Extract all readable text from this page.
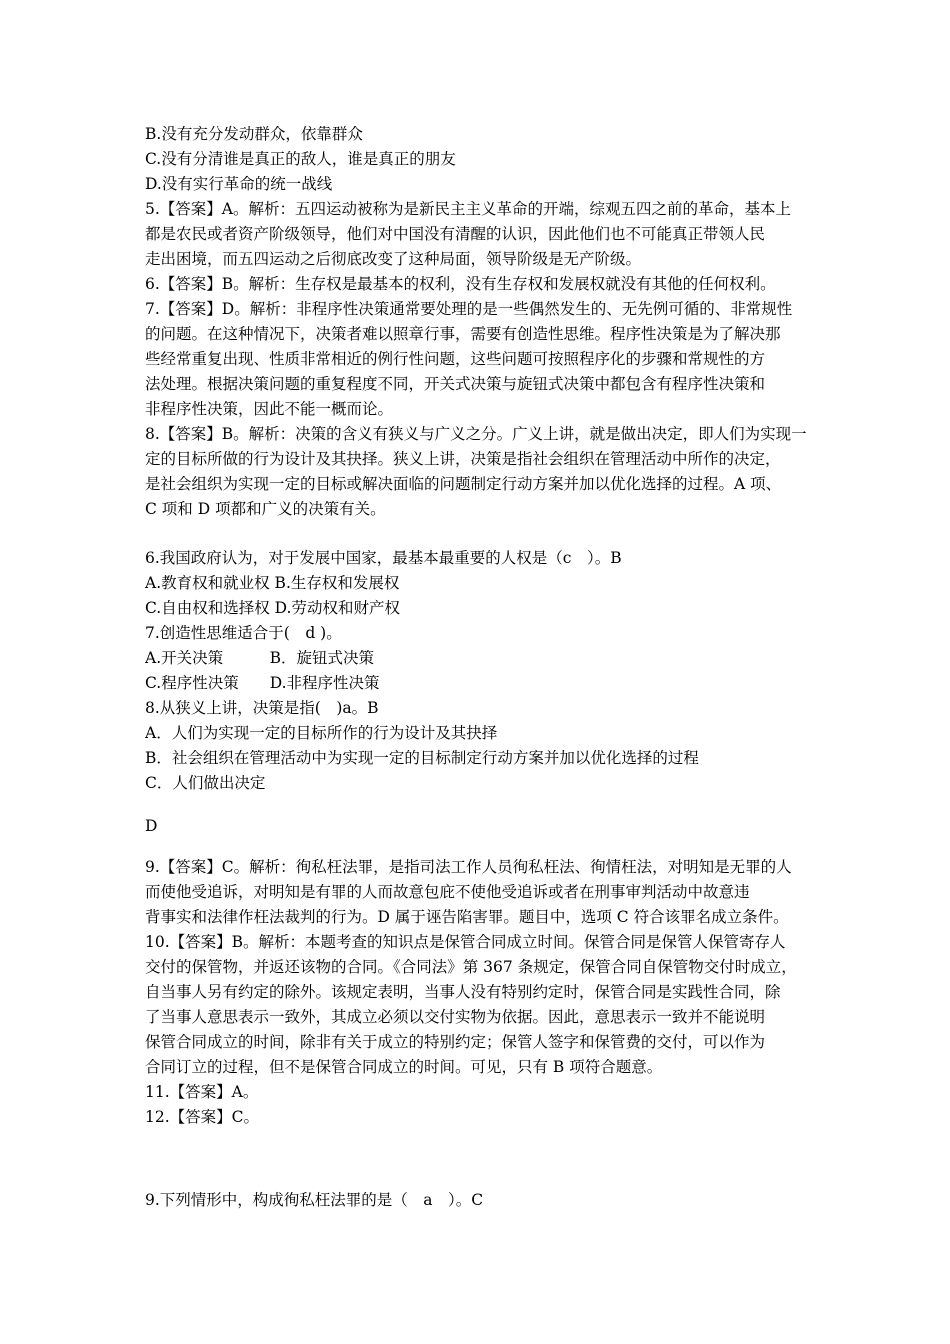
B.没有充分发动群众，依靠群众
C.没有分清谁是真正的敌人，谁是真正的朋友
D.没有实行革命的统一战线
5.【答案】A。解析：五四运动被称为是新民主主义革命的开端，综观五四之前的革命，基本上
都是农民或者资产阶级领导，他们对中国没有清醒的认识，因此他们也不可能真正带领人民
走出困境，而五四运动之后彻底改变了这种局面，领导阶级是无产阶级。
6.【答案】B。解析：生存权是最基本的权利，没有生存权和发展权就没有其他的任何权利。
7.【答案】D。解析：非程序性决策通常要处理的是一些偶然发生的、无先例可循的、非常规性
的问题。在这种情况下，决策者难以照章行事，需要有创造性思维。程序性决策是为了解决那
些经常重复出现、性质非常相近的例行性问题，这些问题可按照程序化的步骤和常规性的方
法处理。根据决策问题的重复程度不同，开关式决策与旋钮式决策中都包含有程序性决策和
非程序性决策，因此不能一概而论。
8.【答案】B。解析：决策的含义有狭义与广义之分。广义上讲，就是做出决定，即人们为实现一
定的目标所做的行为设计及其抉择。狭义上讲，决策是指社会组织在管理活动中所作的决定，
是社会组织为实现一定的目标或解决面临的问题制定行动方案并加以优化选择的过程。A 项、
C 项和 D 项都和广义的决策有关。
6.我国政府认为，对于发展中国家，最基本最重要的人权是（c　）。B
A.教育权和就业权 B.生存权和发展权
C.自由权和选择权 D.劳动权和财产权
7.创造性思维适合于(　d )。
A.开关决策　　　B．旋钮式决策
C.程序性决策　　D.非程序性决策
8.从狭义上讲，决策是指(　)a。B
A．人们为实现一定的目标所作的行为设计及其抉择
B．社会组织在管理活动中为实现一定的目标制定行动方案并加以优化选择的过程
C．人们做出决定
D
9.【答案】C。解析：徇私枉法罪，是指司法工作人员徇私枉法、徇情枉法，对明知是无罪的人
而使他受追诉，对明知是有罪的人而故意包庇不使他受追诉或者在刑事审判活动中故意违
背事实和法律作枉法裁判的行为。D 属于诬告陷害罪。题目中，选项 C 符合该罪名成立条件。
10.【答案】B。解析：本题考查的知识点是保管合同成立时间。保管合同是保管人保管寄存人
交付的保管物，并返还该物的合同。《合同法》第 367 条规定，保管合同自保管物交付时成立，
自当事人另有约定的除外。该规定表明，当事人没有特别约定时，保管合同是实践性合同，除
了当事人意思表示一致外，其成立必须以交付实物为依据。因此，意思表示一致并不能说明
保管合同成立的时间，除非有关于成立的特别约定；保管人签字和保管费的交付，可以作为
合同订立的过程，但不是保管合同成立的时间。可见，只有 B 项符合题意。
11.【答案】A。
12.【答案】C。
9.下列情形中，构成徇私枉法罪的是（　a　）。C
